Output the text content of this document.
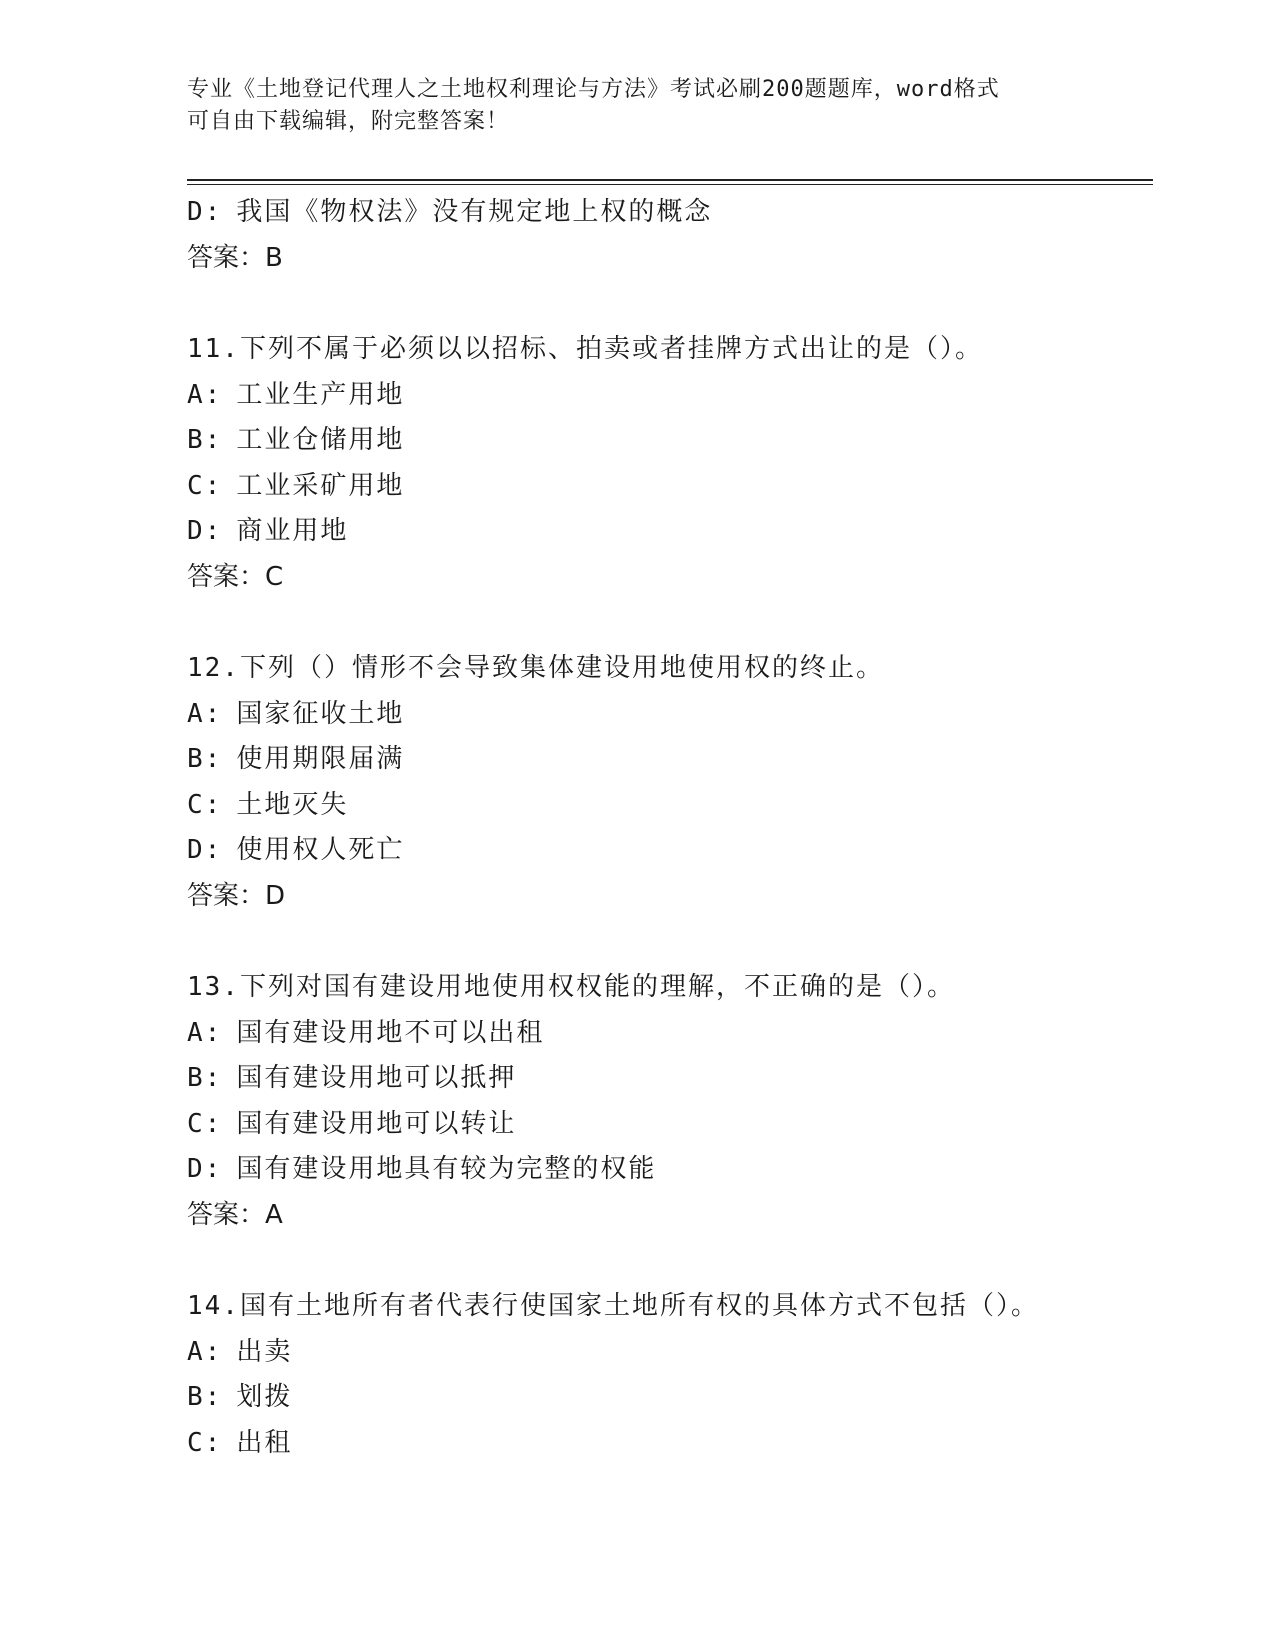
专业《土地登记代理人之土地权利理论与方法》考试必刷200题题库，word格式
可自由下载编辑，附完整答案！
D: 我国《物权法》没有规定地上权的概念
答案：B
11.下列不属于必须以以招标、拍卖或者挂牌方式出让的是（）。
A: 工业生产用地
B: 工业仓储用地
C: 工业采矿用地
D: 商业用地
答案：C
12.下列（）情形不会导致集体建设用地使用权的终止。
A: 国家征收土地
B: 使用期限届满
C: 土地灭失
D: 使用权人死亡
答案：D
13.下列对国有建设用地使用权权能的理解，不正确的是（）。
A: 国有建设用地不可以出租
B: 国有建设用地可以抵押
C: 国有建设用地可以转让
D: 国有建设用地具有较为完整的权能
答案：A
14.国有土地所有者代表行使国家土地所有权的具体方式不包括（）。
A: 出卖
B: 划拨
C: 出租
